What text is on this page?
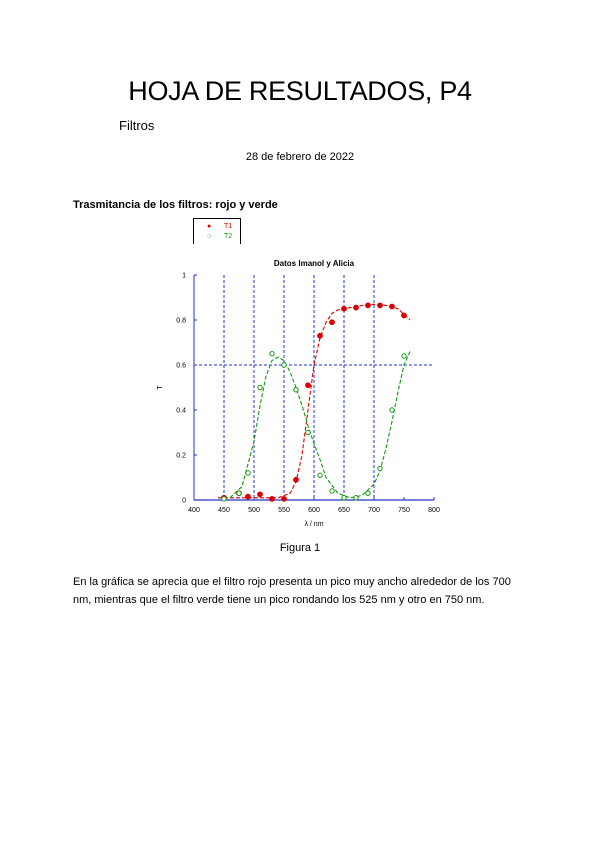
HOJA DE RESULTADOS, P4
Filtros
28 de febrero de 2022
Trasmitancia de los filtros: rojo y verde
● T1
○ T2
Datos Imanol y Alicia
400	450	500	550	600	650	700	750	800
0
0.2
0.4
0.6
0.8
1
λ / nm
T
Figura 1
En la gráfica se aprecia que el filtro rojo presenta un pico muy ancho alrededor de los 700 nm, mientras que el filtro verde tiene un pico rondando los 525 nm y otro en 750 nm.
